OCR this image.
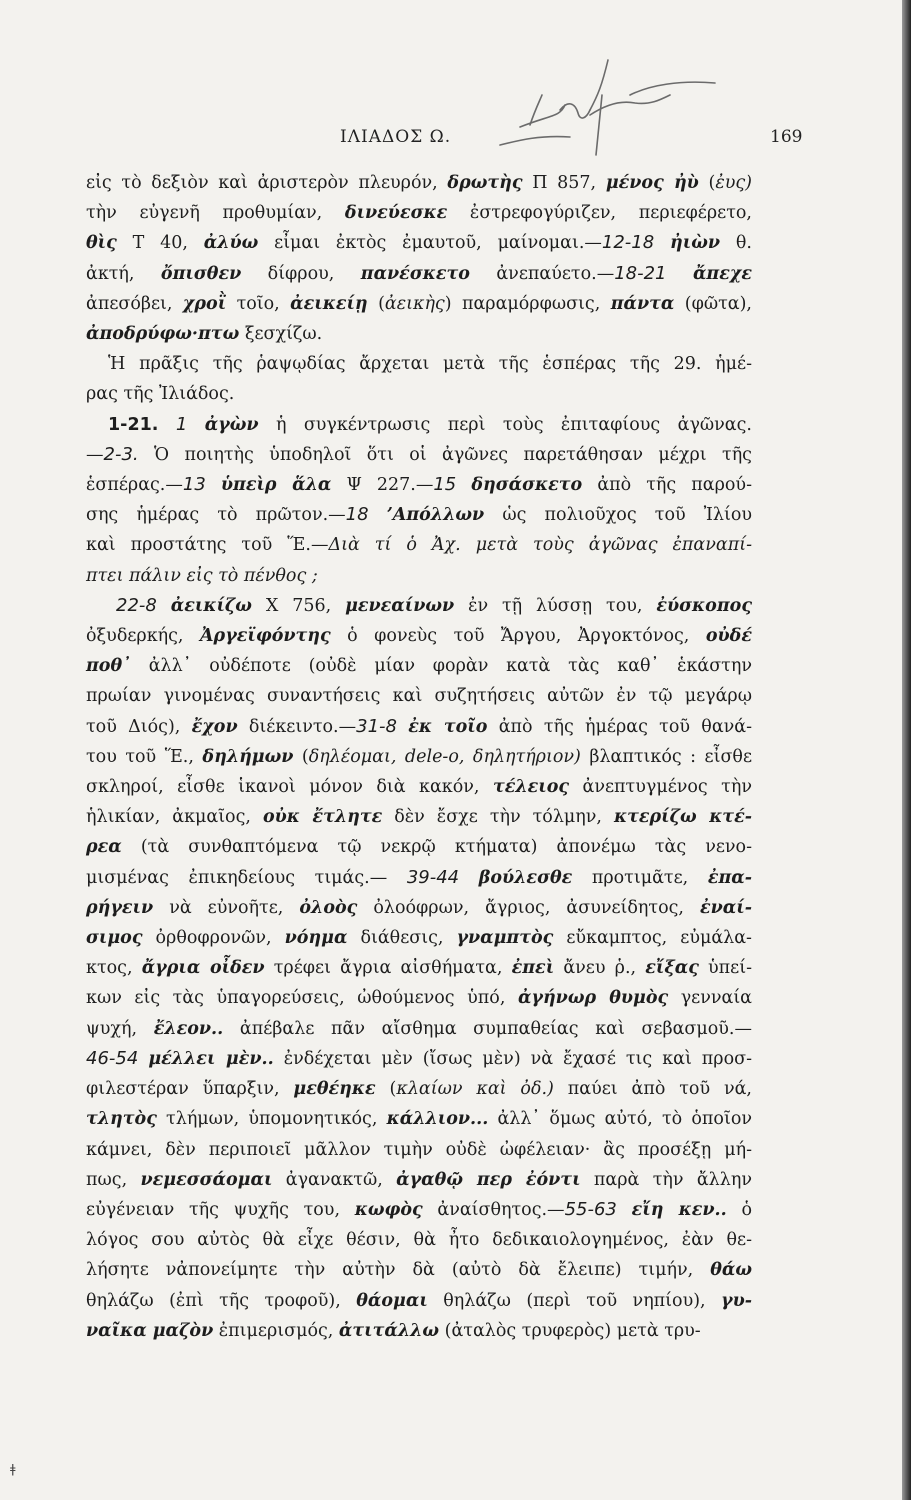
ΙΛΙΑΔΟΣ Ω.	169
εἰς τὸ δεξιὸν καὶ ἀριστερὸν πλευρόν, δρωτὴς Π 857, μένος ἠὺ (ἐυς)
τὴν εὐγενῆ προθυμίαν, δινεύεσκε ἐστρεφογύριζεν, περιεφέρετο,
θὶς Τ 40, ἀλύω εἶμαι ἐκτὸς ἐμαυτοῦ, μαίνομαι.—12-18 ἠιὼν θ.
ἀκτή, ὄπισθεν δίφρου, πανέσκετο ἀνεπαύετο.—18-21 ἄπεχε
ἀπεσόβει, χροῒ τοῖο, ἀεικείῃ (ἀεικὴς) παραμόρφωσις, πάντα (φῶτα),
ἀποδρύφω·πτω ξεσχίζω.
Ἡ πρᾶξις τῆς ῥαψῳδίας ἄρχεται μετὰ τῆς ἑσπέρας τῆς 29. ἡμέ-
ρας τῆς Ἰλιάδος.
1-21. 1 ἀγὼν ἡ συγκέντρωσις περὶ τοὺς ἐπιταφίους ἀγῶνας.
—2-3. Ὁ ποιητὴς ὑποδηλοῖ ὅτι οἱ ἀγῶνες παρετάθησαν μέχρι τῆς
ἑσπέρας.—13 ὑπεὶρ ἅλα Ψ 227.—15 δησάσκετο ἀπὸ τῆς παρού-
σης ἡμέρας τὸ πρῶτον.—18 ’Απόλλων ὡς πολιοῦχος τοῦ Ἰλίου
καὶ προστάτης τοῦ Ἕ.—Διὰ τί ὁ Ἀχ. μετὰ τοὺς ἀγῶνας ἐπαναπί-
πτει πάλιν εἰς τὸ πένθος ;
22-8 ἀεικίζω Χ 756, μενεαίνων ἐν τῇ λύσσῃ του, ἐύσκοπος
ὀξυδερκής, Ἀργεϊφόντης ὁ φονεὺς τοῦ Ἄργου, Ἀργοκτόνος, οὐδέ
ποθ᾿ ἀλλ᾿ οὐδέποτε (οὐδὲ μίαν φορὰν κατὰ τὰς καθ᾿ ἑκάστην
πρωίαν γινομένας συναντήσεις καὶ συζητήσεις αὐτῶν ἐν τῷ μεγάρῳ
τοῦ Διός), ἔχον διέκειντο.—31-8 ἐκ τοῖο ἀπὸ τῆς ἡμέρας τοῦ θανά-
του τοῦ Ἕ., δηλήμων (δηλέομαι, dele-o, δηλητήριον) βλαπτικός : εἶσθε
σκληροί, εἶσθε ἱκανοὶ μόνον διὰ κακόν, τέλειος ἀνεπτυγμένος τὴν
ἡλικίαν, ἀκμαῖος, οὐκ ἔτλητε δὲν ἔσχε τὴν τόλμην, κτερίζω κτέ-
ρεα (τὰ συνθαπτόμενα τῷ νεκρῷ κτήματα) ἀπονέμω τὰς νενο-
μισμένας ἐπικηδείους τιμάς.— 39-44 βούλεσθε προτιμᾶτε, ἐπα-
ρήγειν νὰ εὐνοῆτε, ὀλοὸς ὀλοόφρων, ἄγριος, ἀσυνείδητος, ἐναί-
σιμος ὀρθοφρονῶν, νόημα διάθεσις, γναμπτὸς εὔκαμπτος, εὐμάλα-
κτος, ἄγρια οἶδεν τρέφει ἄγρια αἰσθήματα, ἐπεὶ ἄνευ ῥ., εἴξας ὑπεί-
κων εἰς τὰς ὑπαγορεύσεις, ὠθούμενος ὑπό, ἀγήνωρ θυμὸς γενναία
ψυχή, ἔλεον.. ἀπέβαλε πᾶν αἴσθημα συμπαθείας καὶ σεβασμοῦ.—
46-54 μέλλει μὲν.. ἐνδέχεται μὲν (ἴσως μὲν) νὰ ἔχασέ τις καὶ προσ-
φιλεστέραν ὕπαρξιν, μεθέηκε (κλαίων καὶ ὀδ.) παύει ἀπὸ τοῦ νά,
τλητὸς τλήμων, ὑπομονητικός, κάλλιον... ἀλλ᾿ ὅμως αὐτό, τὸ ὁποῖον
κάμνει, δὲν περιποιεῖ μᾶλλον τιμὴν οὐδὲ ὠφέλειαν· ἂς προσέξῃ μή-
πως, νεμεσσάομαι ἀγανακτῶ, ἀγαθῷ περ ἐόντι παρὰ τὴν ἄλλην
εὐγένειαν τῆς ψυχῆς του, κωφὸς ἀναίσθητος.—55-63 εἴη κεν.. ὁ
λόγος σου αὐτὸς θὰ εἶχε θέσιν, θὰ ἦτο δεδικαιολογημένος, ἐὰν θε-
λήσητε νἀπονείμητε τὴν αὐτὴν δὰ (αὐτὸ δὰ ἔλειπε) τιμήν, θάω
θηλάζω (ἐπὶ τῆς τροφοῦ), θάομαι θηλάζω (περὶ τοῦ νηπίου), γυ-
ναῖκα μαζὸν ἐπιμερισμός, ἀτιτάλλω (ἀταλὸς τρυφερὸς) μετὰ τρυ-
ǂ
